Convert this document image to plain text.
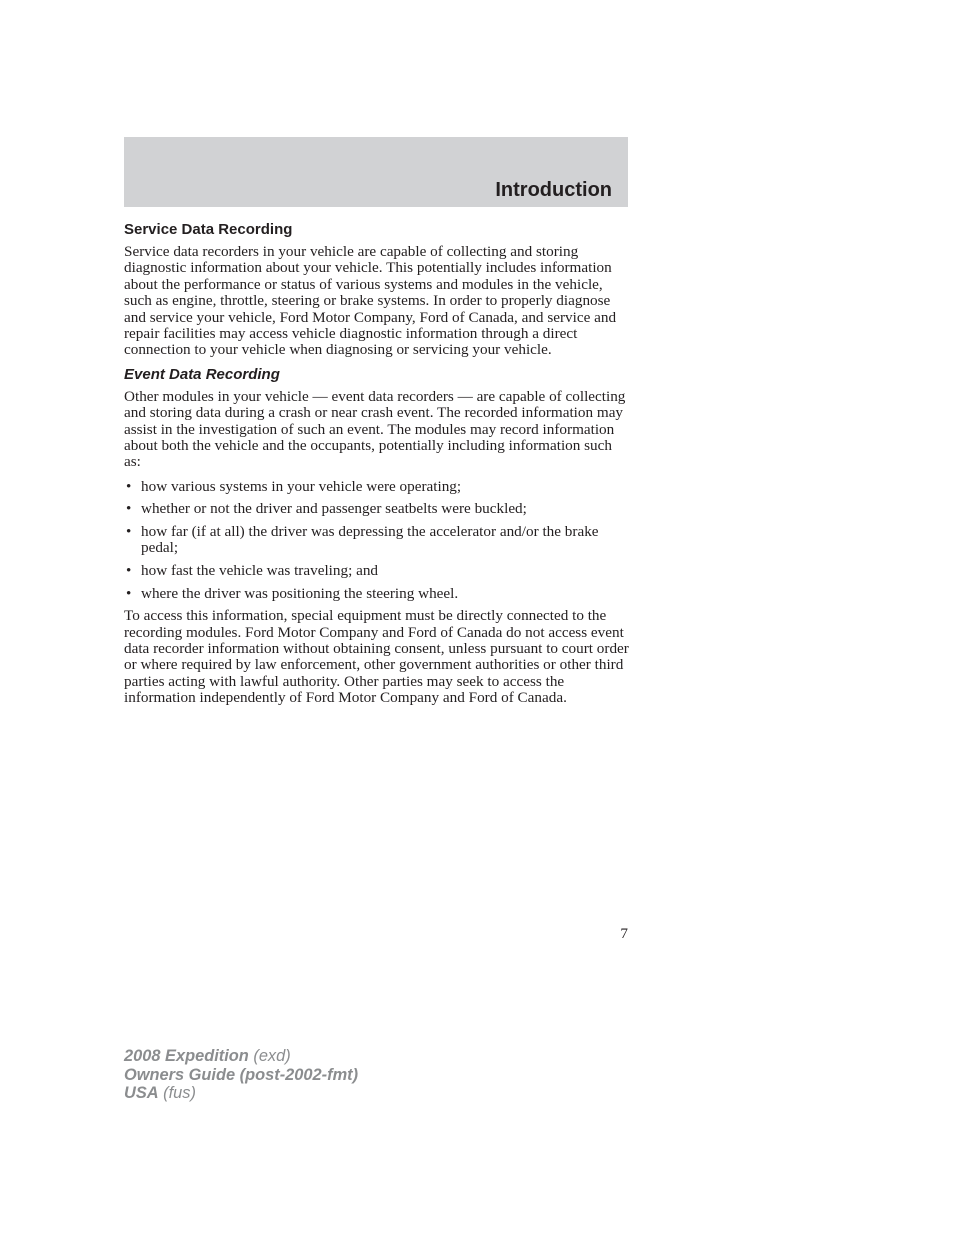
Introduction
Service Data Recording

Service data recorders in your vehicle are capable of collecting and storing diagnostic information about your vehicle. This potentially includes information about the performance or status of various systems and modules in the vehicle, such as engine, throttle, steering or brake systems. In order to properly diagnose and service your vehicle, Ford Motor Company, Ford of Canada, and service and repair facilities may access vehicle diagnostic information through a direct connection to your vehicle when diagnosing or servicing your vehicle.

Event Data Recording

Other modules in your vehicle — event data recorders — are capable of collecting and storing data during a crash or near crash event. The recorded information may assist in the investigation of such an event. The modules may record information about both the vehicle and the occupants, potentially including information such as:

• how various systems in your vehicle were operating;
• whether or not the driver and passenger seatbelts were buckled;
• how far (if at all) the driver was depressing the accelerator and/or the brake pedal;
• how fast the vehicle was traveling; and
• where the driver was positioning the steering wheel.

To access this information, special equipment must be directly connected to the recording modules. Ford Motor Company and Ford of Canada do not access event data recorder information without obtaining consent, unless pursuant to court order or where required by law enforcement, other government authorities or other third parties acting with lawful authority. Other parties may seek to access the information independently of Ford Motor Company and Ford of Canada.

7
2008 Expedition (exd)
Owners Guide (post-2002-fmt)
USA (fus)
